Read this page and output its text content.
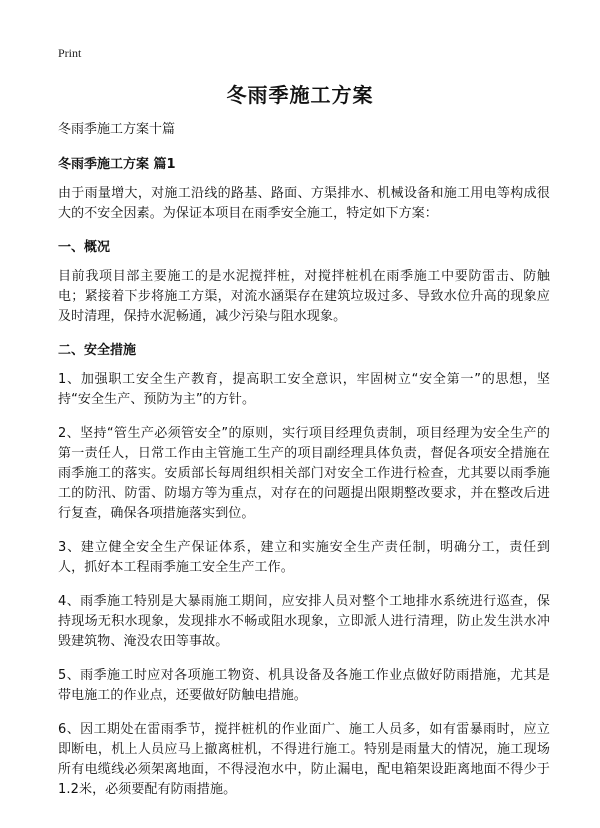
Print
冬雨季施工方案

冬雨季施工方案十篇

冬雨季施工方案 篇1

由于雨量增大，对施工沿线的路基、路面、方渠排水、机械设备和施工用电等构成很大的不安全因素。为保证本项目在雨季安全施工，特定如下方案：

一、概况

目前我项目部主要施工的是水泥搅拌桩，对搅拌桩机在雨季施工中要防雷击、防触电；紧接着下步将施工方渠，对流水涵渠存在建筑垃圾过多、导致水位升高的现象应及时清理，保持水泥畅通，减少污染与阻水现象。

二、安全措施

1、加强职工安全生产教育，提高职工安全意识，牢固树立“安全第一”的思想，坚持“安全生产、预防为主”的方针。

2、坚持“管生产必须管安全”的原则，实行项目经理负责制，项目经理为安全生产的第一责任人，日常工作由主管施工生产的项目副经理具体负责，督促各项安全措施在雨季施工的落实。安质部长每周组织相关部门对安全工作进行检查，尤其要以雨季施工的防汛、防雷、防塌方等为重点，对存在的问题提出限期整改要求，并在整改后进行复查，确保各项措施落实到位。

3、建立健全安全生产保证体系，建立和实施安全生产责任制，明确分工，责任到人，抓好本工程雨季施工安全生产工作。

4、雨季施工特别是大暴雨施工期间，应安排人员对整个工地排水系统进行巡查，保持现场无积水现象，发现排水不畅或阻水现象，立即派人进行清理，防止发生洪水冲毁建筑物、淹没农田等事故。

5、雨季施工时应对各项施工物资、机具设备及各施工作业点做好防雨措施，尤其是带电施工的作业点，还要做好防触电措施。

6、因工期处在雷雨季节，搅拌桩机的作业面广、施工人员多，如有雷暴雨时，应立即断电，机上人员应马上撤离桩机，不得进行施工。特别是雨量大的情况，施工现场所有电缆线必须架离地面，不得浸泡水中，防止漏电，配电箱架设距离地面不得少于1.2米，必须要配有防雨措施。
